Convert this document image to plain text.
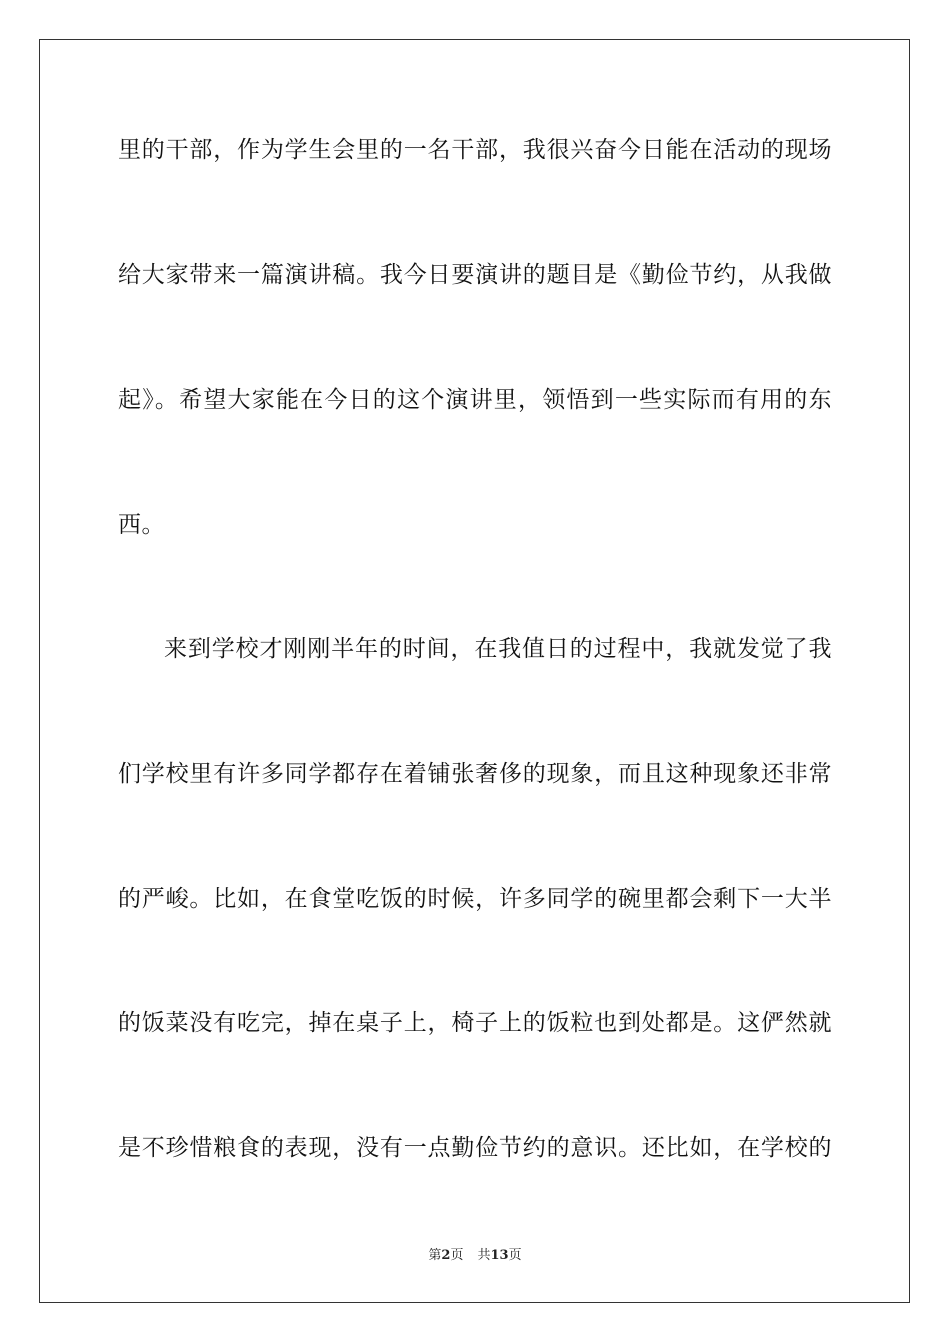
里的干部，作为学生会里的一名干部，我很兴奋今日能在活动的现场
给大家带来一篇演讲稿。我今日要演讲的题目是《勤俭节约，从我做
起》。希望大家能在今日的这个演讲里，领悟到一些实际而有用的东
西。
来到学校才刚刚半年的时间，在我值日的过程中，我就发觉了我
们学校里有许多同学都存在着铺张奢侈的现象，而且这种现象还非常
的严峻。比如，在食堂吃饭的时候，许多同学的碗里都会剩下一大半
的饭菜没有吃完，掉在桌子上，椅子上的饭粒也到处都是。这俨然就
是不珍惜粮食的表现，没有一点勤俭节约的意识。还比如，在学校的
第2页 共13页
